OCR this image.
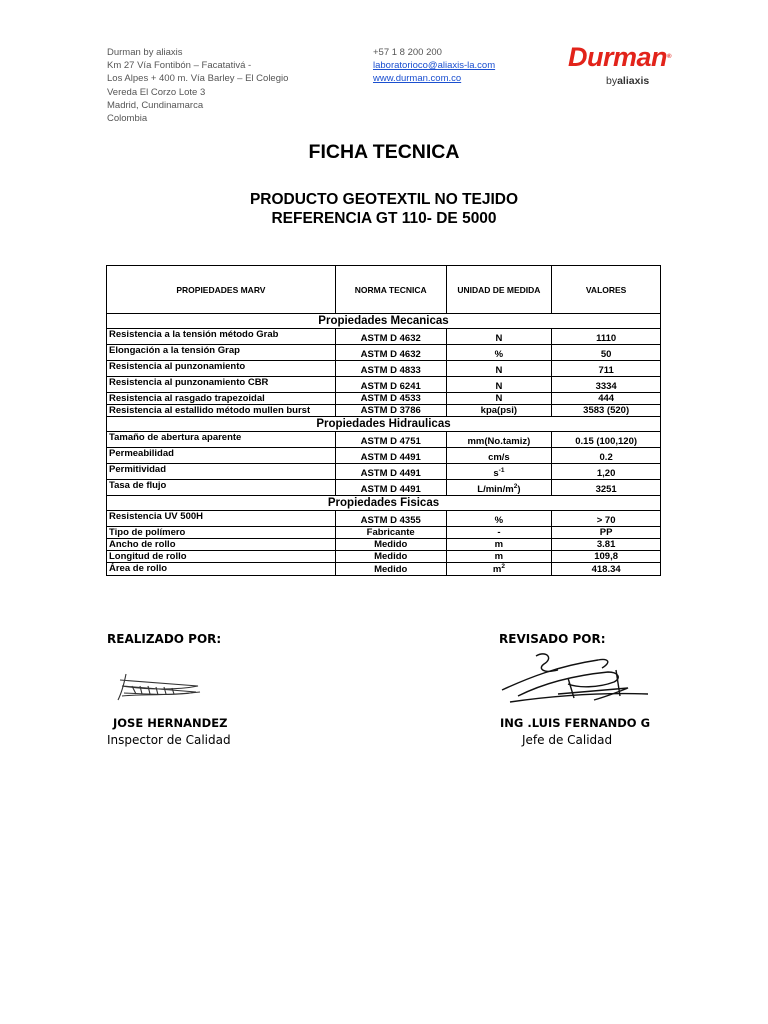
Durman by aliaxis
Km 27 Vía Fontibón – Facatativá -
Los Alpes + 400 m. Vía Barley – El Colegio
Vereda El Corzo Lote 3
Madrid, Cundinamarca
Colombia
+57 1 8 200 200
laboratorioco@aliaxis-la.com
www.durman.com.co
Durman®
byaliaxis
FICHA TECNICA
PRODUCTO GEOTEXTIL NO TEJIDO
REFERENCIA GT 110- DE 5000
PROPIEDADES MARV	NORMA TECNICA	UNIDAD DE MEDIDA	VALORES
Propiedades Mecanicas			
Resistencia a la tensión método Grab	ASTM D 4632	N	1110
Elongación a la tensión Grap	ASTM D 4632	%	50
Resistencia al punzonamiento	ASTM D 4833	N	711
Resistencia al punzonamiento CBR	ASTM D 6241	N	3334
Resistencia al rasgado trapezoidal	ASTM D 4533	N	444
Resistencia al estallido método mullen burst	ASTM D 3786	kpa(psi)	3583 (520)
Propiedades Hidraulicas			
Tamaño de abertura aparente	ASTM D 4751	mm(No.tamiz)	0.15 (100,120)
Permeabilidad	ASTM D 4491	cm/s	0.2
Permitividad	ASTM D 4491	$s^{-1}$	1,20
Tasa de flujo	ASTM D 4491	$L/\min/m^2$)	3251
Propiedades Fisicas			
Resistencia UV 500H	ASTM D 4355	%	> 70
Tipo de polímero	Fabricante	-	PP
Ancho de rollo	Medido	m	3.81
Longitud de rollo	Medido	m	109,8
Área de rollo	Medido	$m^2$	418.34
REALIZADO POR:	REVISADO POR:
JOSE HERNANDEZ
Inspector de Calidad
ING .LUIS FERNANDO G
Jefe de Calidad
